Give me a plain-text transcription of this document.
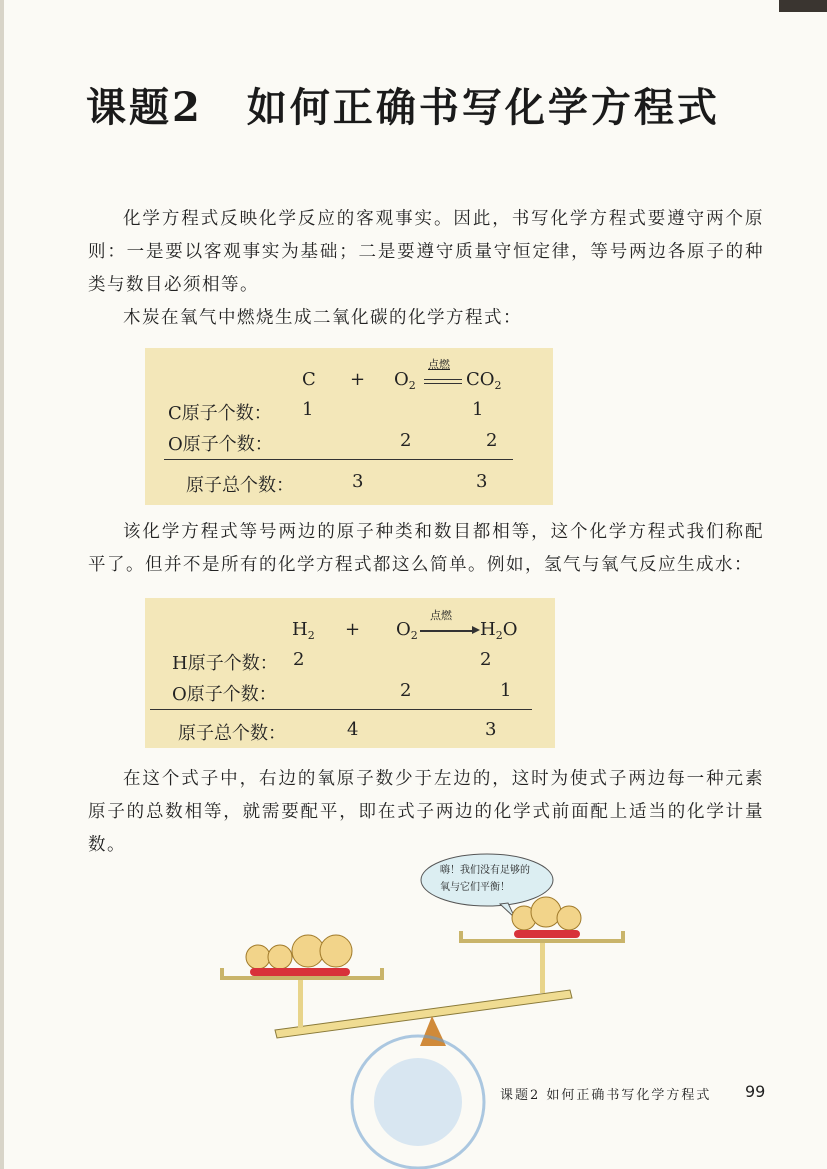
课题2 如何正确书写化学方程式

化学方程式反映化学反应的客观事实。因此，书写化学方程式要遵守两个原则：一是要以客观事实为基础；二是要遵守质量守恒定律，等号两边各原子的种类与数目必须相等。

木炭在氧气中燃烧生成二氧化碳的化学方程式：

$C + O_2$
点燃
$CO_2$
C原子个数： 1	1
O原子个数：	2	2
原子总个数：	3	3

该化学方程式等号两边的原子种类和数目都相等，这个化学方程式我们称配平了。但并不是所有的化学方程式都这么简单。例如，氢气与氧气反应生成水：

$H_2 + O_2$
点燃
$H_2O$
H原子个数： 2	2
O原子个数：	2	1
原子总个数：	4	3

在这个式子中，右边的氧原子数少于左边的，这时为使式子两边每一种元素原子的总数相等，就需要配平，即在式子两边的化学式前面配上适当的化学计量数。

嗨！我们没有足够的
氧与它们平衡！
课题2 如何正确书写化学方程式 99
